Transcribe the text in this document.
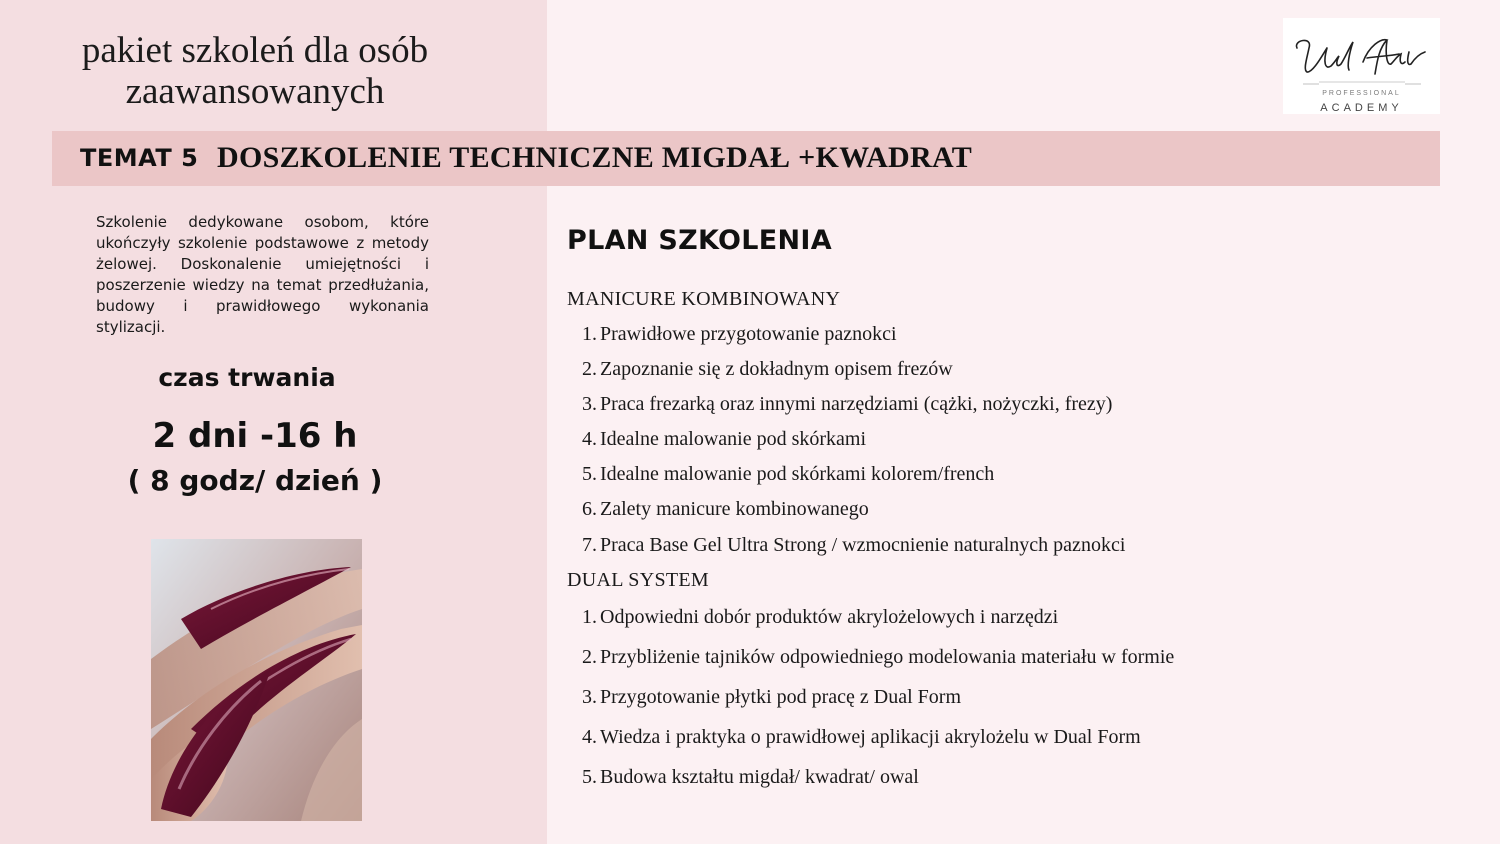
pakiet szkoleń dla osób
zaawansowanych	PROFESSIONAL
ACADEMY
TEMAT 5 DOSZKOLENIE TECHNICZNE MIGDAŁ +KWADRAT
Szkolenie dedykowane osobom, które ukończyły szkolenie podstawowe z metody żelowej. Doskonalenie umiejętności i poszerzenie wiedzy na temat przedłużania, budowy i prawidłowego wykonania stylizacji.
czas trwania
2 dni -16 h
( 8 godz/ dzień )
PLAN SZKOLENIA
MANICURE KOMBINOWANY
1. Prawidłowe przygotowanie paznokci
2. Zapoznanie się z dokładnym opisem frezów
3. Praca frezarką oraz innymi narzędziami (cążki, nożyczki, frezy)
4. Idealne malowanie pod skórkami
5. Idealne malowanie pod skórkami kolorem/french
6. Zalety manicure kombinowanego
7. Praca Base Gel Ultra Strong / wzmocnienie naturalnych paznokci
DUAL SYSTEM
1. Odpowiedni dobór produktów akrylożelowych i narzędzi
2. Przybliżenie tajników odpowiedniego modelowania materiału w formie
3. Przygotowanie płytki pod pracę z Dual Form
4. Wiedza i praktyka o prawidłowej aplikacji akrylożelu w Dual Form
5. Budowa kształtu migdał/ kwadrat/ owal
